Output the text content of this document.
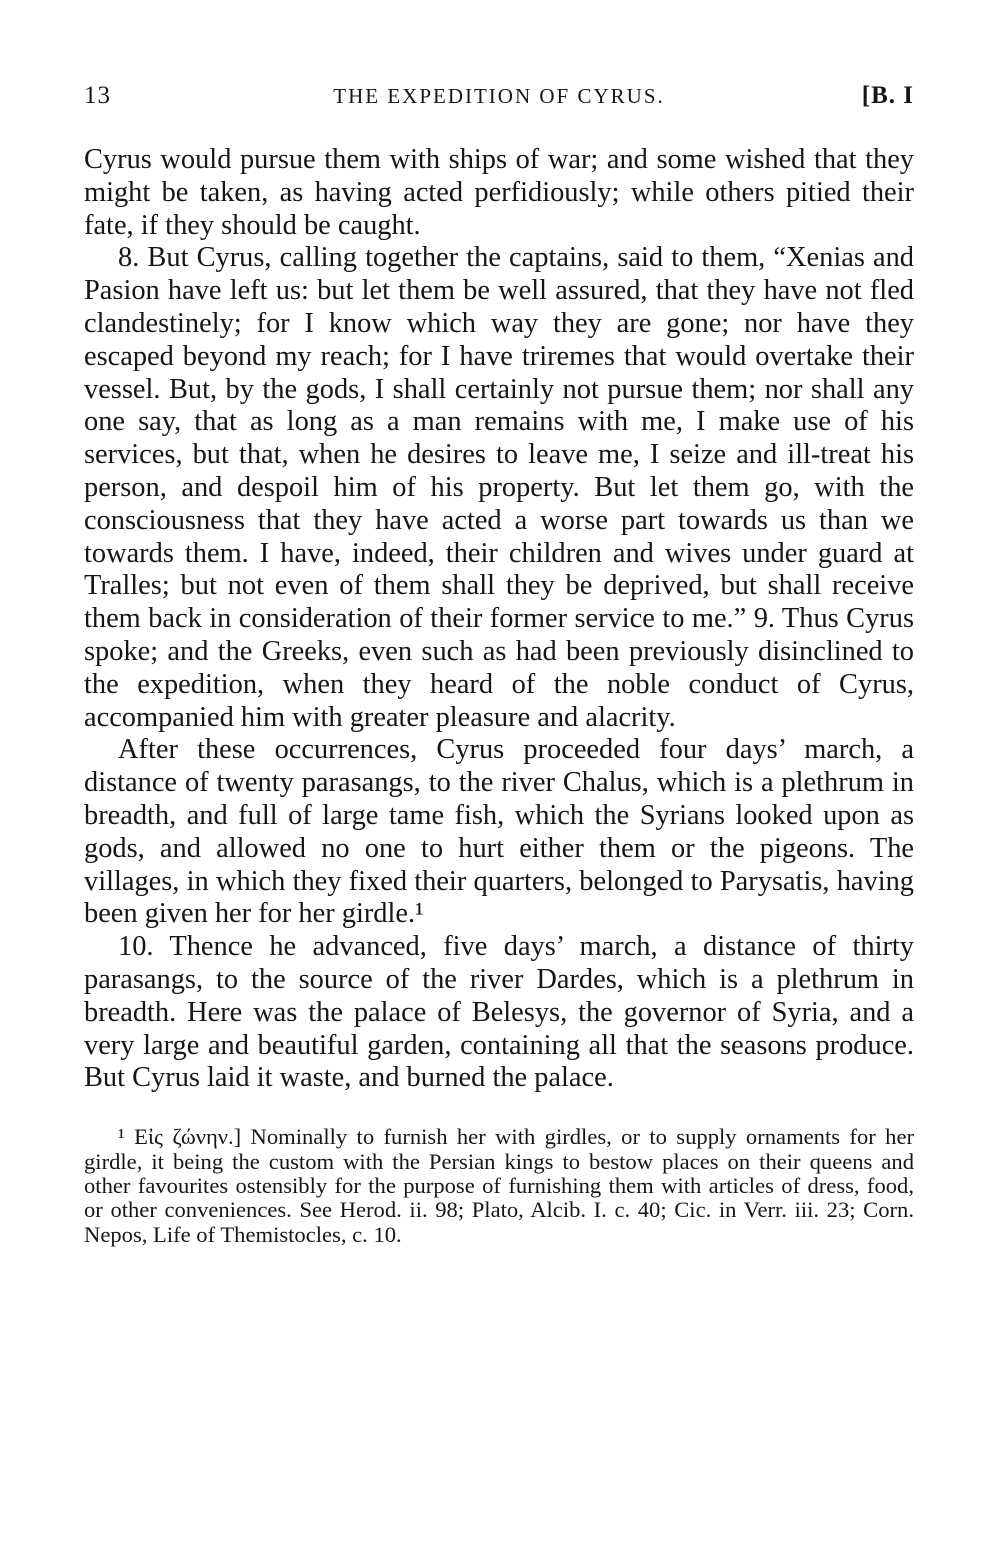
13	THE EXPEDITION OF CYRUS.	[B. I

Cyrus would pursue them with ships of war; and some wished that they might be taken, as having acted perfidiously; while others pitied their fate, if they should be caught.

8. But Cyrus, calling together the captains, said to them, “Xenias and Pasion have left us: but let them be well assured, that they have not fled clandestinely; for I know which way they are gone; nor have they escaped beyond my reach; for I have triremes that would overtake their vessel. But, by the gods, I shall certainly not pursue them; nor shall any one say, that as long as a man remains with me, I make use of his services, but that, when he desires to leave me, I seize and ill-treat his person, and despoil him of his property. But let them go, with the consciousness that they have acted a worse part towards us than we towards them. I have, indeed, their children and wives under guard at Tralles; but not even of them shall they be deprived, but shall receive them back in consideration of their former service to me.” 9. Thus Cyrus spoke; and the Greeks, even such as had been previously disinclined to the expedition, when they heard of the noble conduct of Cyrus, accompanied him with greater pleasure and alacrity.

After these occurrences, Cyrus proceeded four days’ march, a distance of twenty parasangs, to the river Chalus, which is a plethrum in breadth, and full of large tame fish, which the Syrians looked upon as gods, and allowed no one to hurt either them or the pigeons. The villages, in which they fixed their quarters, belonged to Parysatis, having been given her for her girdle.¹

10. Thence he advanced, five days’ march, a distance of thirty parasangs, to the source of the river Dardes, which is a plethrum in breadth. Here was the palace of Belesys, the governor of Syria, and a very large and beautiful garden, containing all that the seasons produce. But Cyrus laid it waste, and burned the palace.

¹ Εἰς ζώνην.] Nominally to furnish her with girdles, or to supply ornaments for her girdle, it being the custom with the Persian kings to bestow places on their queens and other favourites ostensibly for the purpose of furnishing them with articles of dress, food, or other conveniences. See Herod. ii. 98; Plato, Alcib. I. c. 40; Cic. in Verr. iii. 23; Corn. Nepos, Life of Themistocles, c. 10.
